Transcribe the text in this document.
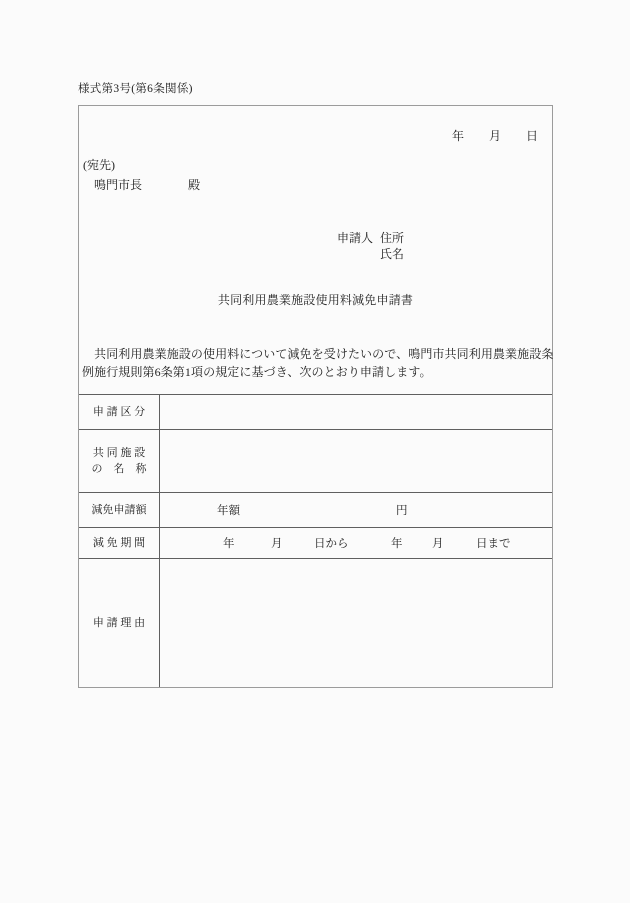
様式第3号(第6条関係)
年 月 日
(宛先)
鳴門市長	殿
申請人 住所
氏名
共同利用農業施設使用料減免申請書
　共同利用農業施設の使用料について減免を受けたいので、鳴門市共同利用農業施設条
例施行規則第6条第1項の規定に基づき、次のとおり申請します。
申 請 区 分
共 同 施 設
の　名　称
減免申請額	年額	円
減 免 期 間	年	月	日から	年	月	日まで
申 請 理 由
